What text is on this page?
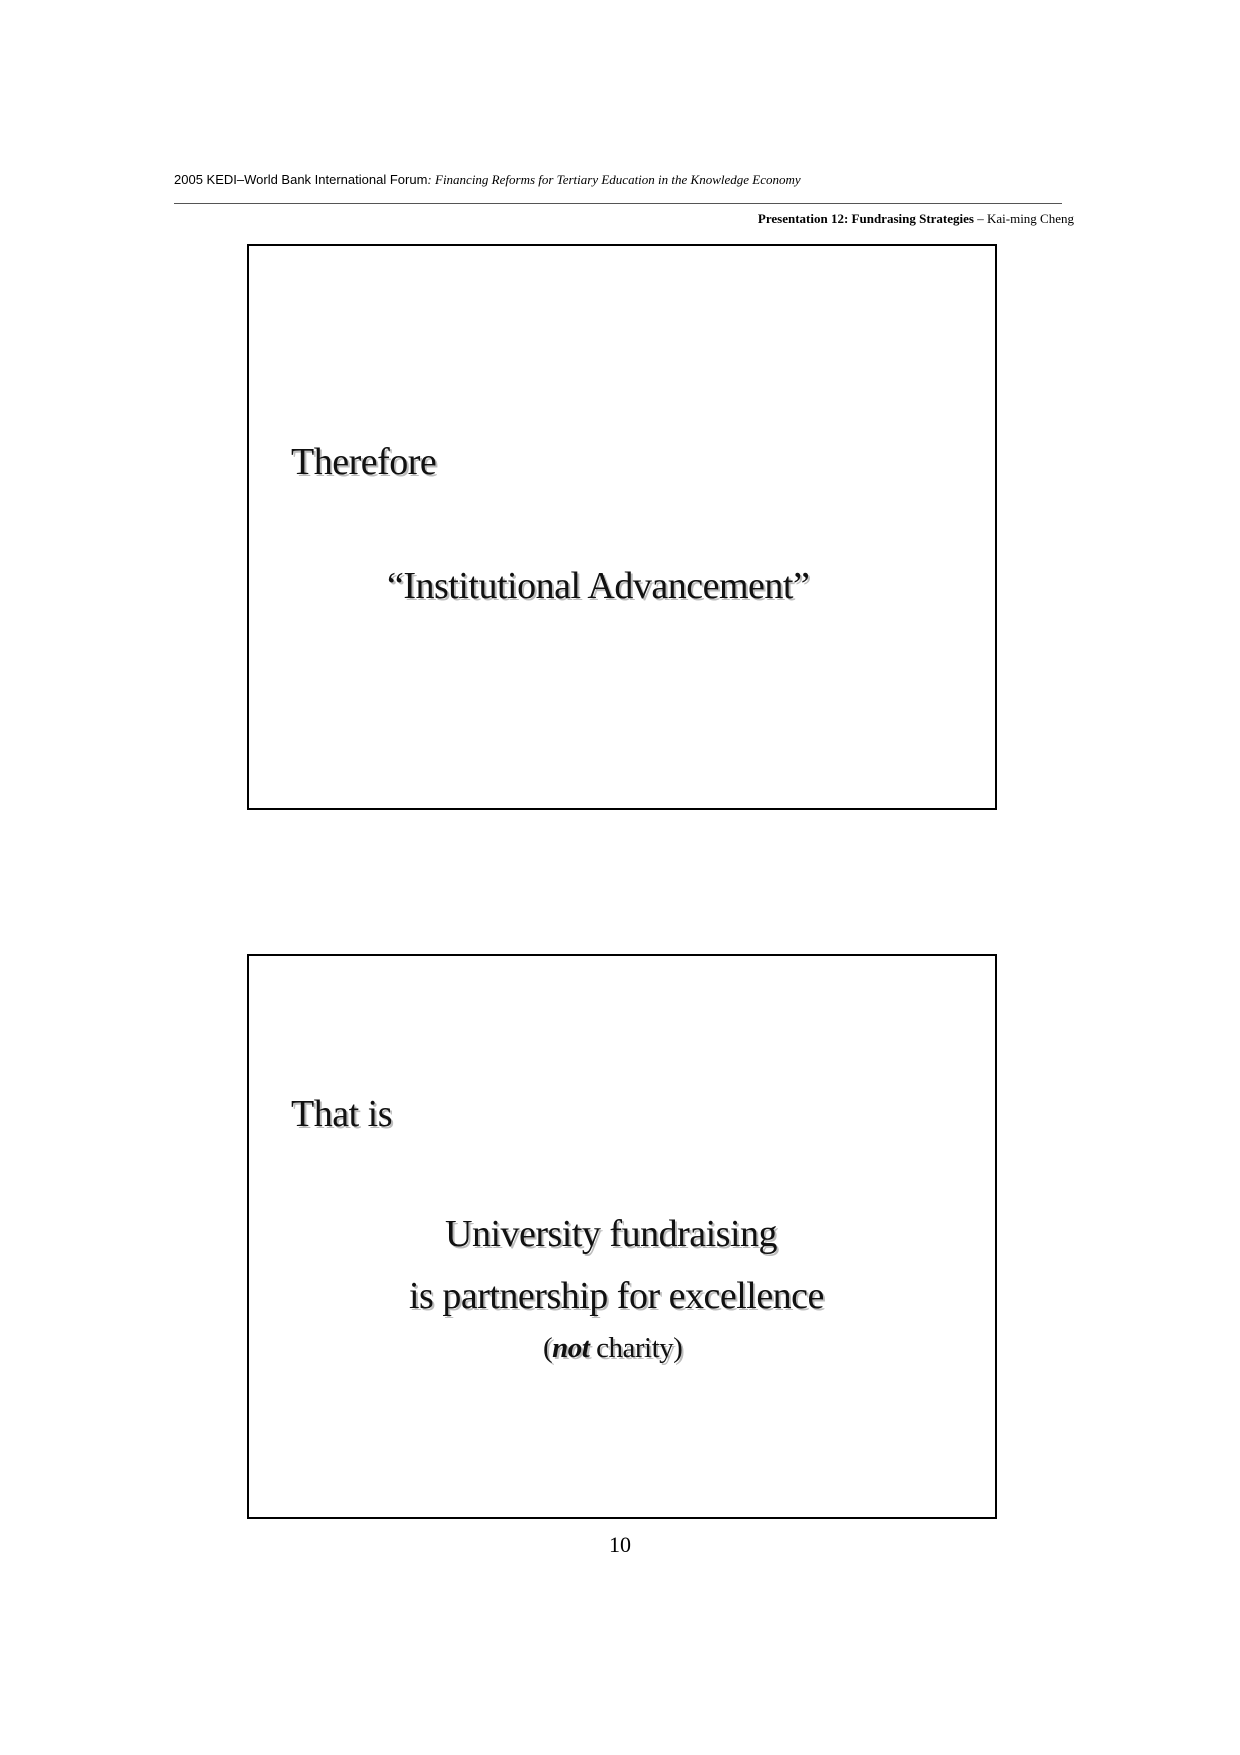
2005 KEDI–World Bank International Forum: Financing Reforms for Tertiary Education in the Knowledge Economy
Presentation 12: Fundrasing Strategies – Kai-ming Cheng
Therefore
“Institutional Advancement”
That is
University fundraising
is partnership for excellence
(not charity)
10
